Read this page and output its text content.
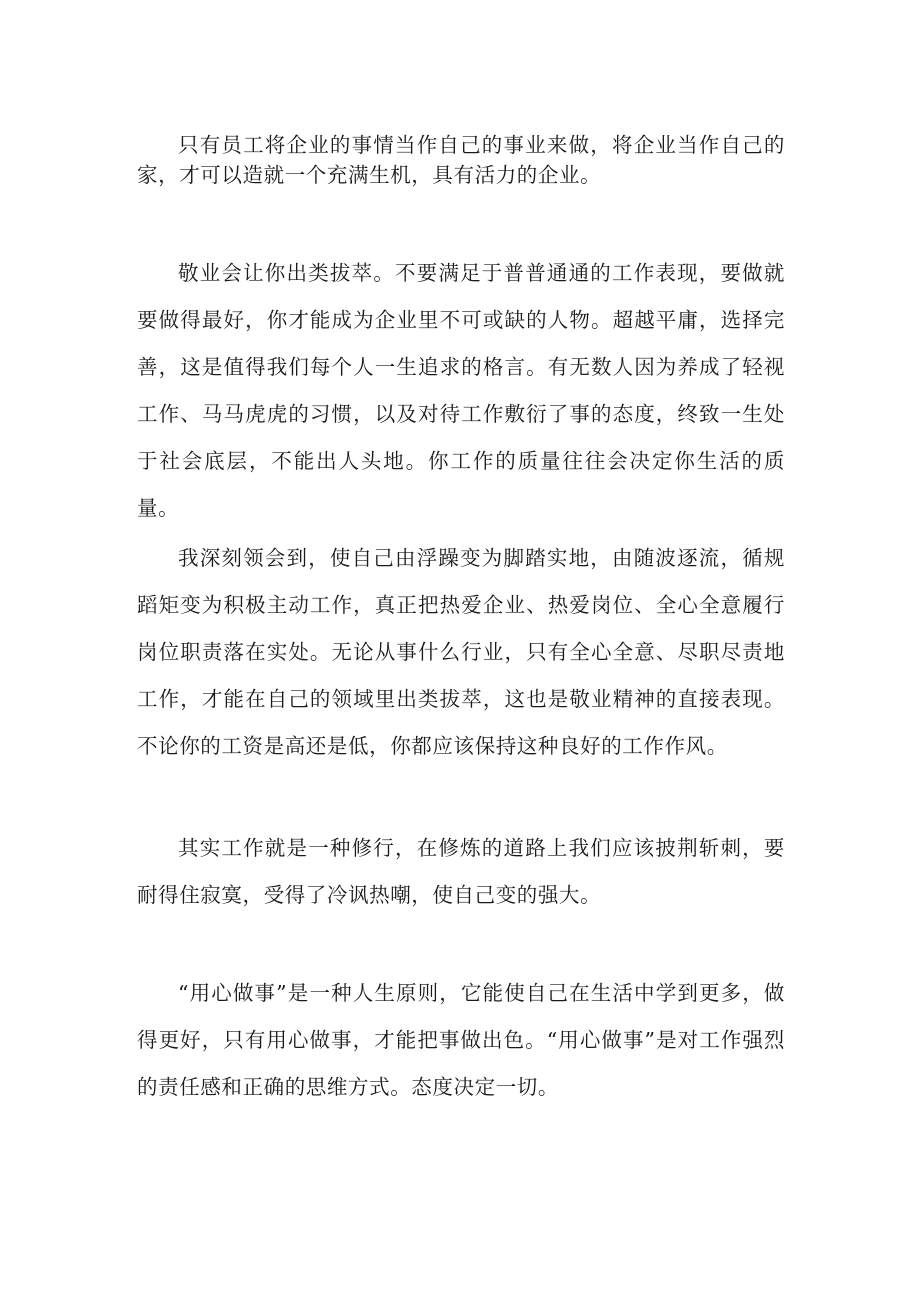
只有员工将企业的事情当作自己的事业来做，将企业当作自己的家，才可以造就一个充满生机，具有活力的企业。

敬业会让你出类拔萃。不要满足于普普通通的工作表现，要做就要做得最好，你才能成为企业里不可或缺的人物。超越平庸，选择完善，这是值得我们每个人一生追求的格言。有无数人因为养成了轻视工作、马马虎虎的习惯，以及对待工作敷衍了事的态度，终致一生处于社会底层，不能出人头地。你工作的质量往往会决定你生活的质量。

我深刻领会到，使自己由浮躁变为脚踏实地，由随波逐流，循规蹈矩变为积极主动工作，真正把热爱企业、热爱岗位、全心全意履行岗位职责落在实处。无论从事什么行业，只有全心全意、尽职尽责地工作，才能在自己的领域里出类拔萃，这也是敬业精神的直接表现。不论你的工资是高还是低，你都应该保持这种良好的工作作风。

其实工作就是一种修行，在修炼的道路上我们应该披荆斩刺，要耐得住寂寞，受得了冷讽热嘲，使自己变的强大。

“用心做事”是一种人生原则，它能使自己在生活中学到更多，做得更好，只有用心做事，才能把事做出色。“用心做事”是对工作强烈的责任感和正确的思维方式。态度决定一切。
